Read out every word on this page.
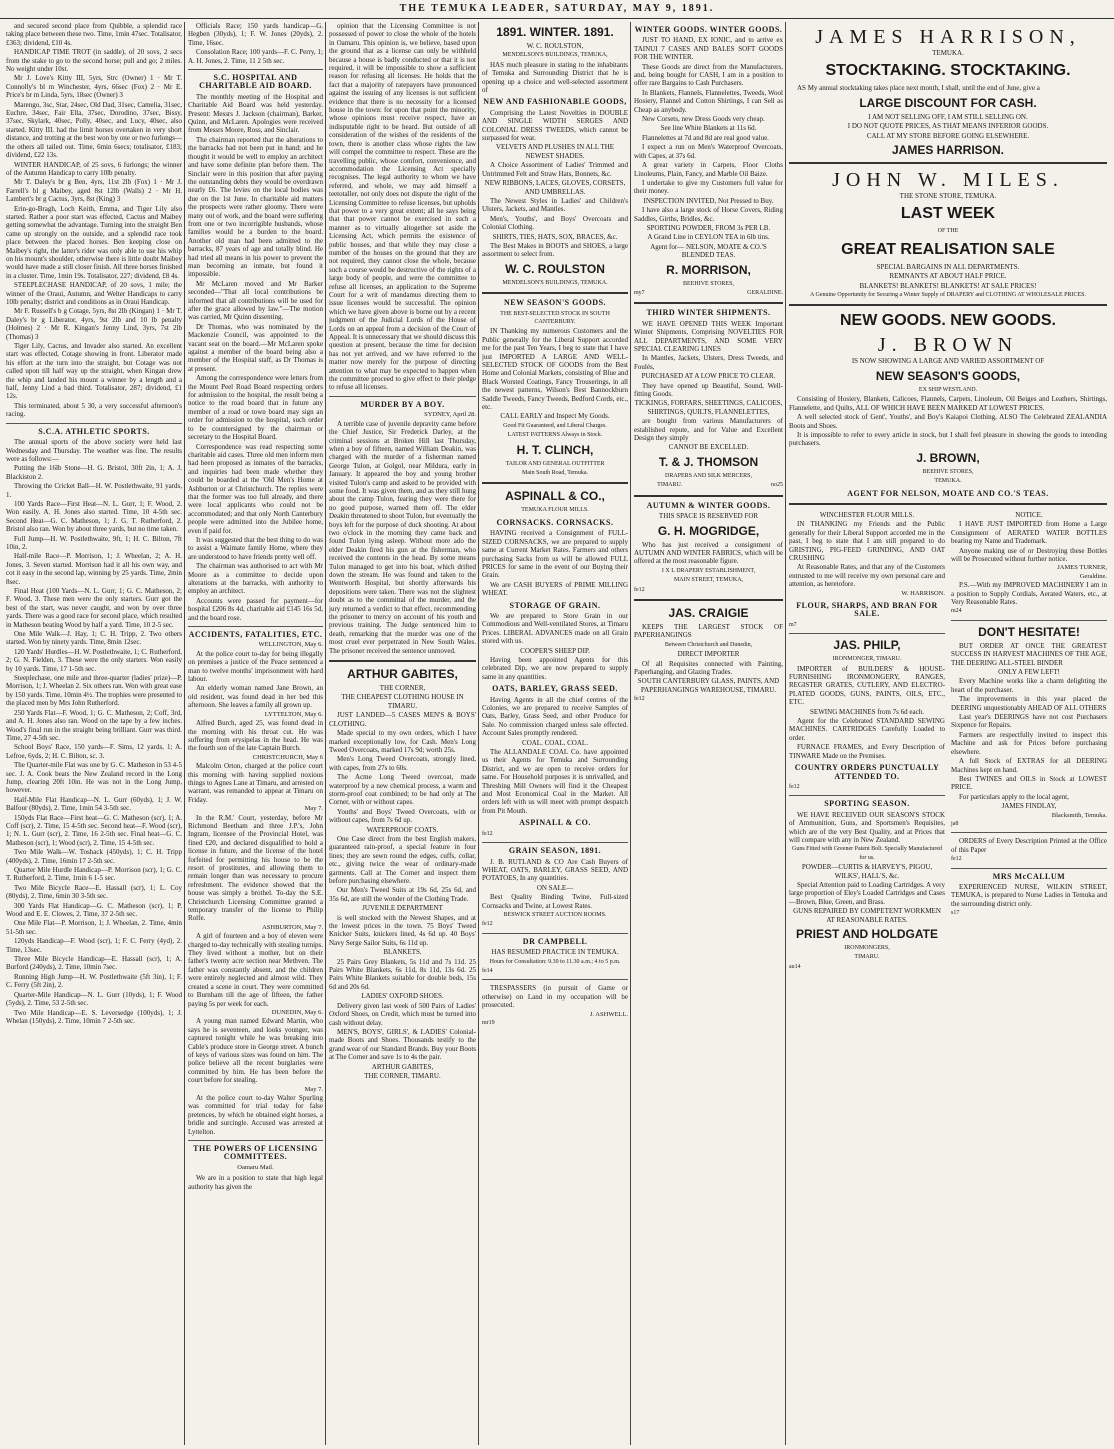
THE TEMUKA LEADER, SATURDAY, MAY 9, 1891.

and secured second place from Quibble, a splendid race taking place between these two. Time, 1min 47sec. Totalisator, £363; dividend, £10 4s.

HANDICAP TIME TROT (in saddle), of 20 sovs, 2 secs from the stake to go to the second horse; pull and go; 2 miles. No weight under 10st.

Mr J. Love's Kitty III, 5yrs, Strc (Owner) 1 · Mr T. Connolly's bl m Winchester, 4yrs, 66sec (Fox) 2 · Mr E. Price's br m Linda, 5yrs, 18sec (Owner) 3

Marengo, 3sc, Star, 24sec, Old Dad, 31sec, Camelia, 31sec, Euchre, 34sec, Fair Ella, 37sec, Dorodino, 37sec, Bissy, 37sec, Skylark, 40sec, Polly, 40sec, and Lucy, 40sec, also started. Kitty III. had the limit horses overtaken in very short distance, and trotting at the best won by one or two furlongs—the others all tailed out. Time, 6min 6secs; totalisator, £183; dividend, £22 13s.

WINTER HANDICAP, of 25 sovs, 6 furlongs; the winner of the Autumn Handicap to carry 10lb penalty.

Mr T. Daley's br g Ben, 4yrs, 11st 2lb (Fox) 1 · Mr J. Farrell's bl g Maibey, aged 8st 12lb (Walls) 2 · Mr H. Lambert's br g Cactus, 3yrs, 8st (King) 3

Erin-go-Bragh, Loch Keith, Emma, and Tiger Lily also started. Rather a poor start was effected, Cactus and Maibey getting somewhat the advantage. Turning into the straight Ben came up strongly on the outside, and a splendid race took place between the placed horses. Ben keeping close on Maibey's right, the latter's rider was only able to use his whip on his mount's shoulder, otherwise there is little doubt Maibey would have made a still closer finish. All three horses finished in a cluster. Time, 1min 19s. Totalisator, 227; dividend, £8 4s.

STEEPLECHASE HANDICAP, of 20 sovs, 1 mile; the winner of the Oraui, Autumn, and Welter Handicaps to carry 10lb penalty; district and conditions as in Oraui Handicap.

Mr F. Russell's b g Cotage, 5yrs, 8st 2lb (Kingan) 1 · Mr T. Daley's br g Liberator, 4yrs, 9st 2lb and 10 lb penalty (Holmes) 2 · Mr R. Kingan's Jenny Lind, 3yrs, 7st 2lb (Thomas) 3

Tiger Lily, Cactus, and Invader also started. An excellent start was effected, Cotage showing in front. Liberator made his effort at the turn into the straight, but Cotage was not called upon till half way up the straight, when Kingan drew the whip and landed his mount a winner by a length and a half, Jenny Lind a bad third. Totalisator, 287; dividend, £1 12s.

This terminated, about 5 30, a very successful afternoon's racing.

S.C.A. ATHLETIC SPORTS.

The annual sports of the above society were held last Wednesday and Thursday. The weather was fine. The results were as follows:—

Putting the 16lb Stone—H. G. Bristol, 30ft 2in, 1; A. J. Blackiston 2.

Throwing the Cricket Ball—H. W. Postlethwaite, 91 yards, 1.

100 Yards Race—First Heat—N. L. Gurr, 1; F. Wood, 2. Won easily. A. H. Jones also started. Time, 10 4-5th sec. Second Heat—G. C. Matheson, 1; J. G. T. Rutherford, 2. Bristol also ran. Won by about three yards, but no time taken.

Full Jump—H. W. Postlethwaite, 9ft, 1; H. C. Bilton, 7ft 10in, 2.

Half-mile Race—P. Morrison, 1; J. Wheelan, 2; A. H. Jones, 3. Seven started. Morrison had it all his own way, and cot it easy in the second lap, winning by 25 yards. Time, 2min 8sec.

Final Heat (100 Yards—N. L. Gurr, 1; G. C. Matheson, 2; F. Wood, 3. These men were the only starters. Gurr got the best of the start, was never caught, and won by over three yards. There was a good race for second place, which resulted in Matheson beating Wood by half a yard. Time, 10 2-5 sec.

One Mile Walk—J. Hay, 1; C. H. Tripp, 2. Two others started. Won by ninety yards. Time, 8min 12sec.

120 Yards' Hurdles—H. W. Postlethwaite, 1; C. Rutherford, 2; G. N. Fielden, 3. These were the only starters. Won easily by 10 yards. Time, 17 1-5th sec.

Steeplechase, one mile and three-quarter (ladies' prize)—P. Morrison, 1; J. Wheelan 2. Six others ran. Won with great ease by 150 yards. Time, 10min 4½. The trophies were presented to the placed men by Mrs John Rutherford.

250 Yards Flat—F. Wood, 1; G. C. Matheson, 2; Coff, 3rd, and A. H. Jones also ran. Wood on the tape by a few inches. Wood's final run in the straight being brilliant. Gurr was third. Time, 27 4-5th sec.

School Boys' Race, 150 yards—F. Sims, 12 yards, 1; A. Lefroe, 6yds, 2; H. C. Bilton, sc. 3.

The Quarter-mile Flat was one by G. C. Matheson in 53 4-5 sec. J. A. Cook beats the New Zealand record in the Long Jump, clearing 20ft 10in. He was not in the Long Jump, however.

Half-Mile Flat Handicap—N. L. Gurr (60yds), 1; J. W. Balfour (80yds), 2. Time, 1min 54 3-5th sec.

150yds Flat Race—First heat—G. C. Matheson (scr), 1; A. Coff (scr), 2. Time, 15 4-5th sec. Second heat—F. Wood (scr), 1; N. L. Gurr (scr), 2. Time, 16 2-5th sec. Final heat—G. C. Matheson (scr), 1; Wood (scr), 2. Time, 15 4-5th sec.

Two Mile Walk—W. Toshack (450yds), 1; C. H. Tripp (400yds), 2. Time, 16min 17 2-5th sec.

Quarter Mile Hurdle Handicap—P. Morrison (scr), 1; G. C. T. Rutherford, 2. Time, 1min 6 1-5 sec.

Two Mile Bicycle Race—E. Hassall (scr), 1; L. Coy (80yds), 2. Time, 6min 30 3-5th sec.

300 Yards Flat Handicap—G. C. Matheson (scr), 1; P. Wood and E. E. Clowes, 2. Time, 37 2-5th sec.

One Mile Flat—P. Morrison, 1; J. Wheelan, 2. Time, 4min 51-5th sec.

120yds Handicap—F. Wood (scr), 1; F. C. Ferry (4yd), 2. Time, 13sec.

Three Mile Bicycle Handicap—E. Hassall (scr), 1; A. Burford (240yds), 2. Time, 10min 7sec.

Running High Jump—H. W. Postlethwaite (5ft 3in), 1; F. C. Ferry (5ft 2in), 2.

Quarter-Mile Handicap—N. L. Gurr (10yds), 1; F. Wood (5yds), 2. Time, 53 2-5th sec.

Two Mile Handicap—E. S. Leversedge (100yds), 1; J. Whelan (150yds), 2. Time, 10min 7 2-5th sec.

Officials Race; 150 yards handicap—G. Hegben (30yds), 1; F. W. Jones (20yds), 2. Time, 16sec.

Consolation Race; 100 yards—F. C. Perry, 1; A. H. Jones, 2. Time, 11 2 5th sec.

S.C. HOSPITAL AND CHARITABLE AID BOARD.

The monthly meeting of the Hospital and Charitable Aid Board was held yesterday. Present: Messrs J. Jackson (chairman), Barker, Quinn, and McLaren. Apologies were received from Messrs Moore, Ross, and Sinclair.

The chairman reported that the alterations to the barracks had not been put in hand; and he thought it would be well to employ an architect and have some definite plan before them. The Sinclair were in this position that after paying the outstanding debts they would be overdrawn nearly £6. The levies on the local bodies was due on the 1st June. In charitable aid matters the prospects were rather gloomy. There were many out of work, and the board were suffering from one or two incorrigible husbands, whose families would be a burden to the board. Another old man had been admitted to the barracks, 87 years of age and totally blind. He had tried all means in his power to prevent the man becoming an inmate, but found it impossible.

Mr McLaren moved and Mr Barker seconded—"That all local contributions be informed that all contributions will be used for after the grace allowed by law."—The motion was carried, Mr Quinn dissenting.

Dr Thomas, who was nominated by the Mackenzie Council, was appointed to the vacant seat on the board.—Mr McLaren spoke against a member of the board being also a member of the Hospital staff, as Dr Thomas is at present.

Among the correspondence were letters from the Mount Peel Road Board respecting orders for admission to the hospital, the result being a notice to the road board that in future any member of a road or town board may sign an order for admission to the hospital, such order to be countersigned by the chairman or secretary to the Hospital Board.

Correspondence was read respecting some charitable aid cases. Three old men inform men had been proposed as inmates of the barracks, and inquiries had been made whether they could be boarded at the 'Old Men's Home at Ashburton or at Christchurch. The replies were that the former was too full already, and there were local applicants who could not be accommodated; and that only North Canterbury people were admitted into the Jubilee home, even if paid for.

It was suggested that the best thing to do was to assist a Waimate family Home, where they are understood to have friends pretty well off.

The chairman was authorised to act with Mr Moore as a committee to decide upon alterations at the barracks, with authority to employ an architect.

Accounts were passed for payment—for hospital £206 8s 4d, charitable aid £145 16s 5d, and the board rose.

ACCIDENTS, FATALITIES, ETC.
WELLINGTON, May 6.

At the police court to-day for being illegally on premises a justice of the Peace sentenced a man to twelve months' imprisonment with hard labour.

An elderly woman named Jane Brown, an old resident, was found dead in her bed this afternoon. She leaves a family all grown up.

LYTTELTON, May 6.

Alfred Burch, aged 25, was found dead in the morning with his throat cut. He was suffering from erysipelas in the head. He was the fourth son of the late Captain Burch.

CHRISTCHURCH, May 6

Malcolm Orton, charged at the police court this morning with having supplied noxious things to Agnes Lane at Timaru, and arrested on warrant, was remanded to appear at Timaru on Friday.

May 7.

In the R.M.' Court, yesterday, before Mr Richmond Beetham and three J.P.'s, John Ingram, licensee of the Provincial Hotel, was fined £20, and declared disqualified to hold a license in future, and the license of the hotel forfeited for permitting his house to be the resort of prostitutes, and allowing them to remain longer than was necessary to procure refreshment. The evidence showed that the house was simply a brothel. To-day the S.E. Christchurch Licensing Committee granted a temporary transfer of the license to Philip Rolfe.

ASHBURTON, May 7.

A girl of fourteen and a boy of eleven were charged to-day technically with stealing turnips. They lived without a mother, but on their father's twenty acre section near Methven. The father was constantly absent, and the children were entirely neglected and almost wild. They created a scene in court. They were committed to Burnham till the age of fifteen, the father paying 5s per week for each.

DUNEDIN, May 6.

A young man named Edward Martin, who says he is seventeen, and looks younger, was captured tonight while he was breaking into Cable's produce store in George street. A bunch of keys of various sizes was found on him. The police believe all the recent burglaries were committed by him. He has been before the court before for stealing.

May 7.

At the police court to-day Walter Spurling was committed for trial today for false pretences, by which he obtained eight horses, a bridle and surcingle. Accused was arrested at Lyttelton.

THE POWERS OF LICENSING COMMITTEES.
Oamaru Mail.

We are in a position to state that high legal authority has given the

opinion that the Licensing Committee is not possessed of power to close the whole of the hotels in Oamaru. This opinion is, we believe, based upon the ground that as a license can only be withheld because a house is badly conducted or that it is not required, it will be impossible to show a sufficient reason for refusing all licenses. He holds that the fact that a majority of ratepayers have pronounced against the issuing of any licenses is not sufficient evidence that there is no necessity for a licensed house in the town: for upon that point the minority, whose opinions must receive respect, have an indisputable right to be heard. But outside of all consideration of the wishes of the residents of the town, there is another class whose rights the law will compel the committee to respect. These are the travelling public, whose comfort, convenience, and accommodation the Licensing Act specially recognises. The legal authority to whom we have referred, and whole, we may add himself a teetotaller, not only does not dispute the right of the Licensing Committee to refuse licenses, but upholds that power to a very great extent; all he says being that that power cannot be exercised in such a manner as to virtually altogether set aside the Licensing Act, which permits the existence of public houses, and that while they may close a number of the houses on the ground that they are not required, they cannot close the whole, because such a course would be destructive of the rights of a large body of people, and were the committee to refuse all licenses, an application to the Supreme Court for a writ of mandamus directing them to issue licenses would be successful. The opinion which we have given above is borne out by a recent judgment of the Judicial Lords of the House of Lords on an appeal from a decision of the Court of Appeal. It is unnecessary that we should discuss this question at present, because the time for decision has not yet arrived, and we have referred to the matter now merely for the purpose of directing attention to what may be expected to happen when the committee proceed to give effect to their pledge to refuse all licenses.

MURDER BY A BOY.
SYDNEY, April 28.

A terrible case of juvenile depravity came before the Chief Justice, Sir Frederick Darley, at the criminal sessions at Broken Hill last Thursday, when a boy of fifteen, named William Deakin, was charged with the murder of a fisherman named George Tulon, at Golgol, near Mildura, early in January. It appeared the boy and young brother visited Tulon's camp and asked to be provided with some food. It was given them, and as they still hung about the camp Tulon, fearing they were there for no good purpose, warned them off. The elder Deakin threatened to shoot Tulon, but eventually the boys left for the purpose of duck shooting. At about two o'clock in the morning they came back and found Tulon lying asleep. Without more ado the elder Deakin fired his gun at the fisherman, who received the contents in the head. By some means Tulon managed to get into his boat, which drifted down the stream. He was found and taken to the Wentworth Hospital, but shortly afterwards his depositions were taken. There was not the slightest doubt as to the committal of the murder, and the jury returned a verdict to that effect, recommending the prisoner to mercy on account of his youth and previous training. The Judge sentenced him to death, remarking that the murder was one of the most cruel ever perpetrated in New South Wales. The prisoner received the sentence unmoved.

ARTHUR GABITES,
THE CORNER,
THE CHEAPEST CLOTHING HOUSE IN TIMARU.

JUST LANDED—5 CASES MEN'S & BOYS' CLOTHING.

Made special to my own orders, which I have marked exceptionally low, for Cash. Men's Long Tweed Overcoats, marked 17s 9d; worth 25s.

Men's Long Tweed Overcoats, strongly lined, with capes, from 27s to 60s.

The Acme Long Tweed overcoat, made waterproof by a new chemical process, a warm and storm-proof coat combined; to be had only at The Corner, with or without capes.

Youths' and Boys' Tweed Overcoats, with or without capes, from 7s 6d up.

WATERPROOF COATS.

One Case direct from the best English makers, guaranteed rain-proof, a special feature in four lines; they are sewn round the edges, cuffs, collar, etc., giving twice the wear of ordinary-made garments. Call at The Corner and inspect them before purchasing elsewhere.

Our Men's Tweed Suits at 19s 6d, 25s 6d, and 35s 6d, are still the wonder of the Clothing Trade.

JUVENILE DEPARTMENT

is well stocked with the Newest Shapes, and at the lowest prices in the town. 75 Boys' Tweed Knicker Suits, knickers lined, 4s 6d up. 40 Boys' Navy Serge Sailor Suits, 6s 11d up.

BLANKETS.

25 Pairs Grey Blankets, 5s 11d and 7s 11d. 25 Pairs White Blankets, 6s 11d, 8s 11d, 13s 6d. 25 Pairs White Blankets suitable for double beds, 15s 6d and 20s 6d.

LADIES' OXFORD SHOES.

Delivery given last week of 500 Pairs of Ladies' Oxford Shoes, on Credit, which must be turned into cash without delay.

MEN'S, BOYS', GIRLS', & LADIES' Colonial-made Boots and Shoes. Thousands testify to the grand wear of our Standard Brands. Buy your Boots at The Corner and save 1s to 4s the pair.

ARTHUR GABITES,
THE CORNER, TIMARU.
1891. WINTER. 1891.
W. C. ROULSTON,
MENDELSON'S BUILDINGS, TEMUKA,

HAS much pleasure in stating to the inhabitants of Temuka and Surrounding District that he is opening up a choice and well-selected assortment of

NEW AND FASHIONABLE GOODS,

Comprising the Latest Novelties in DOUBLE AND SINGLE WIDTH SERGES AND COLONIAL DRESS TWEEDS, which cannot be surpassed for wear.

VELVETS AND PLUSHES IN ALL THE NEWEST SHADES.

A Choice Assortment of Ladies' Trimmed and Untrimmed Felt and Straw Hats, Bonnets, &c.

NEW RIBBONS, LACES, GLOVES, CORSETS, AND UMBRELLAS.

The Newest Styles in Ladies' and Children's Ulsters, Jackets, and Mantles.

Men's, Youths', and Boys' Overcoats and Colonial Clothing.

SHIRTS, TIES, HATS, SOX, BRACES, &c.

The Best Makes in BOOTS and SHOES, a large assortment to select from.

W. C. ROULSTON
MENDELSON'S BUILDINGS, TEMUKA.
NEW SEASON'S GOODS.
THE BEST-SELECTED STOCK IN SOUTH CANTERBURY.

IN Thanking my numerous Customers and the Public generally for the Liberal Support accorded me for the past Ten Years, I beg to state that I have just IMPORTED A LARGE AND WELL-SELECTED STOCK OF GOODS from the Best Home and Colonial Markets, consisting of Blue and Black Worsted Coatings, Fancy Trouserings, in all the newest patterns, Wilson's Best Bannockburn Saddle Tweeds, Fancy Tweeds, Bedford Cords, etc., etc.

CALL EARLY and Inspect My Goods.
Good Fit Guaranteed, and Liberal Charges.
LATEST PATTERNS Always in Stock.
H. T. CLINCH,
TAILOR AND GENERAL OUTFITTER
Main South Road, Temuka.
ASPINALL & CO.,
TEMUKA FLOUR MILLS.
CORNSACKS. CORNSACKS.

HAVING received a Consignment of FULL-SIZED CORNSACKS, we are prepared to supply same at Current Market Rates. Farmers and others purchasing Sacks from us will be allowed FULL PRICES for same in the event of our Buying their Grain.

We are CASH BUYERS of PRIME MILLING WHEAT.

STORAGE OF GRAIN.

We are prepared to Store Grain in our Commodious and Well-ventilated Stores, at Timaru Prices. LIBERAL ADVANCES made on all Grain stored with us.

COOPER'S SHEEP DIP.

Having been appointed Agents for this celebrated Dip, we are now prepared to supply same in any quantities.

OATS, BARLEY, GRASS SEED.

Having Agents in all the chief centres of the Colonies, we are prepared to receive Samples of Oats, Barley, Grass Seed, and other Produce for Sale. No commission charged unless sale effected. Account Sales promptly rendered.

COAL. COAL. COAL.

The ALLANDALE COAL Co. have appointed us their Agents for Temuka and Surrounding District, and we are open to receive orders for same. For Household purposes it is unrivalled, and Threshing Mill Owners will find it the Cheapest and Most Economical Coal in the Market. All orders left with us will meet with prompt despatch from Pit Mouth.

ASPINALL & CO.
fe12
GRAIN SEASON, 1891.

J. B. RUTLAND & CO Are Cash Buyers of WHEAT, OATS, BARLEY, GRASS SEED, AND POTATOES, In any quantities.

ON SALE—

Best Quality Binding Twine, Full-sized Cornsacks and Twine, at Lowest Rates.

BESWICK STREET AUCTION ROOMS.
fe12
DR CAMPBELL
HAS RESUMED PRACTICE IN TEMUKA.
Hours for Consultation: 9.30 to 11.30 a.m.; 4 to 5 p.m.
fe14

TRESPASSERS (in pursuit of Game or otherwise) on Land in my occupation will be prosecuted.

J. ASHWELL.
mr19
WINTER GOODS. WINTER GOODS.

JUST TO HAND, EX IONIC, and to arrive ex TAINUI 7 CASES AND BALES SOFT GOODS FOR THE WINTER.

These Goods are direct from the Manufacturers, and, being bought for CASH, I am in a position to offer rare Bargains to Cash Purchasers.

In Blankets, Flannels, Flannelettes, Tweeds, Wool Hosiery, Flannel and Cotton Shirtings, I can Sell as Cheap as anybody.

New Corsets, new Dress Goods very cheap.

See line White Blankets at 11s 6d.

Flannelettes at 7d and 8d are real good value.

I expect a run on Men's Waterproof Overcoats, with Capes, at 37s 6d.

A great variety in Carpets, Floor Cloths Linoleums, Plain, Fancy, and Marble Oil Baize.

I undertake to give my Customers full value for their money.

INSPECTION INVITED, Not Pressed to Buy.

I have also a large stock of Horse Covers, Riding Saddles, Girths, Bridles, &c.

SPORTING POWDER, FROM 3s PER LB.
A Grand Line in CEYLON TEA in 6lb tins.
Agent for— NELSON, MOATE & CO.'S BLENDED TEAS.
R. MORRISON,
BEEHIVE STORES,
my7	GERALDINE.
THIRD WINTER SHIPMENTS.

WE HAVE OPENED THIS WEEK Important Winter Shipments, Comprising NOVELTIES FOR ALL DEPARTMENTS, AND SOME VERY SPECIAL CLEARING LINES

In Mantles, Jackets, Ulsters, Dress Tweeds, and Foulés,

PURCHASED AT A LOW PRICE TO CLEAR.

They have opened up Beautiful, Sound, Well-fitting Goods.

TICKINGS, FORFARS, SHEETINGS, CALICOES, SHIRTINGS, QUILTS, FLANNELETTES,

are bought from various Manufacturers of established repute, and for Value and Excellent Design they simply

CANNOT BE EXCELLED.
T. & J. THOMSON
DRAPERS AND SILK MERCERS,
TIMARU.	no25
AUTUMN & WINTER GOODS.
THIS SPACE IS RESERVED FOR
G. H. MOGRIDGE,

Who has just received a consignment of AUTUMN AND WINTER FABRICS, which will be offered at the most reasonable figure.

I X L DRAPERY ESTABLISHMENT,
MAIN STREET, TEMUKA,
fe12
JAS. CRAIGIE

KEEPS THE LARGEST STOCK OF PAPERHANGINGS

Between Christchurch and Dunedin,
DIRECT IMPORTER

Of all Requisites connected with Painting, Paperhanging, and Glazing Trades.

SOUTH CANTERBURY GLASS, PAINTS, AND PAPERHANGINGS WAREHOUSE, TIMARU.
fe12
JAMES HARRISON,
TEMUKA.
STOCKTAKING. STOCKTAKING.

AS My annual stocktaking takes place next month, I shall, until the end of June, give a

LARGE DISCOUNT FOR CASH.
I AM NOT SELLING OFF, I AM STILL SELLING ON.
I DO NOT QUOTE PRICES, AS THAT MEANS INFERIOR GOODS.
CALL AT MY STORE BEFORE GOING ELSEWHERE.
JAMES HARRISON.
JOHN W. MILES.
THE STONE STORE, TEMUKA.
LAST WEEK
OF THE
GREAT REALISATION SALE
SPECIAL BARGAINS IN ALL DEPARTMENTS.
REMNANTS AT ABOUT HALF PRICE.
BLANKETS! BLANKETS! BLANKETS! AT SALE PRICES!
A Genuine Opportunity for Securing a Winter Supply of DRAPERY and CLOTHING AT WHOLESALE PRICES.
NEW GOODS. NEW GOODS.
J. BROWN
IS NOW SHOWING A LARGE AND VARIED ASSORTMENT OF
NEW SEASON'S GOODS,
EX SHIP WESTLAND.

Consisting of Hosiery, Blankets, Calicoes, Flannels, Carpets, Linoleum, Oil Beiges and Leathers, Shirtings, Flannelette, and Quilts, ALL OF WHICH HAVE BEEN MARKED AT LOWEST PRICES.

A well selected stock of Gent', Youths', and Boy's Kaiapoi Clothing, ALSO The Celebrated ZEALANDIA Boots and Shoes.

It is impossible to refer to every article in stock, but I shall feel pleasure in showing the goods to intending purchasers.

J. BROWN,
BEEHIVE STORES,
TEMUKA.
AGENT FOR NELSON, MOATE AND CO.'S TEAS.
WINCHESTER FLOUR MILLS.

IN THANKING my Friends and the Public generally for their Liberal Support accorded me in the past, I beg to state that I am still prepared to do GRISTING, PIG-FEED GRINDING, AND OAT CRUSHING

At Reasonable Rates, and that any of the Customers entrusted to me will receive my own personal care and attention, as heretofore.

W. HARRISON.
FLOUR, SHARPS, AND BRAN FOR SALE.
m7
JAS. PHILP,
IRONMONGER, TIMARU.

IMPORTER of BUILDERS' & HOUSE-FURNISHING IRONMONGERY, RANGES, REGISTER GRATES, CUTLERY, AND ELECTRO-PLATED GOODS, GUNS, PAINTS, OILS, ETC., ETC.

SEWING MACHINES from 7s 6d each.

Agent for the Celebrated STANDARD SEWING MACHINES. CARTRIDGES Carefully Loaded to order.

FURNACE FRAMES, and Every Description of TINWARE Made on the Premises.

COUNTRY ORDERS PUNCTUALLY ATTENDED TO.
fe12
SPORTING SEASON.

WE HAVE RECEIVED OUR SEASON'S STOCK of Ammunition, Guns, and Sportsmen's Requisites, which are of the very Best Quality, and at Prices that will compare with any in New Zealand.

Guns Fitted with Greener Patent Bolt. Specially Manufactured for us.
POWDER—CURTIS & HARVEY'S, PIGOU, WILKS', HALL'S, &c.

Special Attention paid to Loading Cartridges. A very large proportion of Eley's Loaded Cartridges and Cases—Brown, Blue, Green, and Brass.

GUNS REPAIRED BY COMPETENT WORKMEN AT REASONABLE RATES.
PRIEST AND HOLDGATE
IRONMONGERS,
TIMARU.
au14
NOTICE.

I HAVE JUST IMPORTED from Home a Large Consignment of AERATED WATER BOTTLES bearing my Name and Trademark.

Anyone making use of or Destroying these Bottles will be Prosecuted without further notice.

JAMES TURNER,
Geraldine.

P.S.—With my IMPROVED MACHINERY I am in a position to Supply Cordials, Aerated Waters, etc., at Very Reasonable Rates.

m24
DON'T HESITATE!

BUT ORDER AT ONCE THE GREATEST SUCCESS IN HARVEST MACHINES OF THE AGE, THE DEERING ALL-STEEL BINDER

ONLY A FEW LEFT!

Every Machine works like a charm delighting the heart of the purchaser.

The improvements in this year placed the DEERING unquestionably AHEAD OF ALL OTHERS

Last year's DEERINGS have not cost Purchasers Sixpence for Repairs.

Farmers are respectfully invited to inspect this Machine and ask for Prices before purchasing elsewhere.

A full Stock of EXTRAS for all DEERING Machines kept on hand.

Best TWINES and OILS in Stock at LOWEST PRICE.

For particulars apply to the local agent,

JAMES FINDLAY,
Blacksmith, Temuka.
ja8

ORDERS of Every Description Printed at the Office of this Paper

fe12
MRS McCALLUM

EXPERIENCED NURSE, WILKIN STREET, TEMUKA, is prepared to Nurse Ladies in Temuka and the surrounding district only.

s17
